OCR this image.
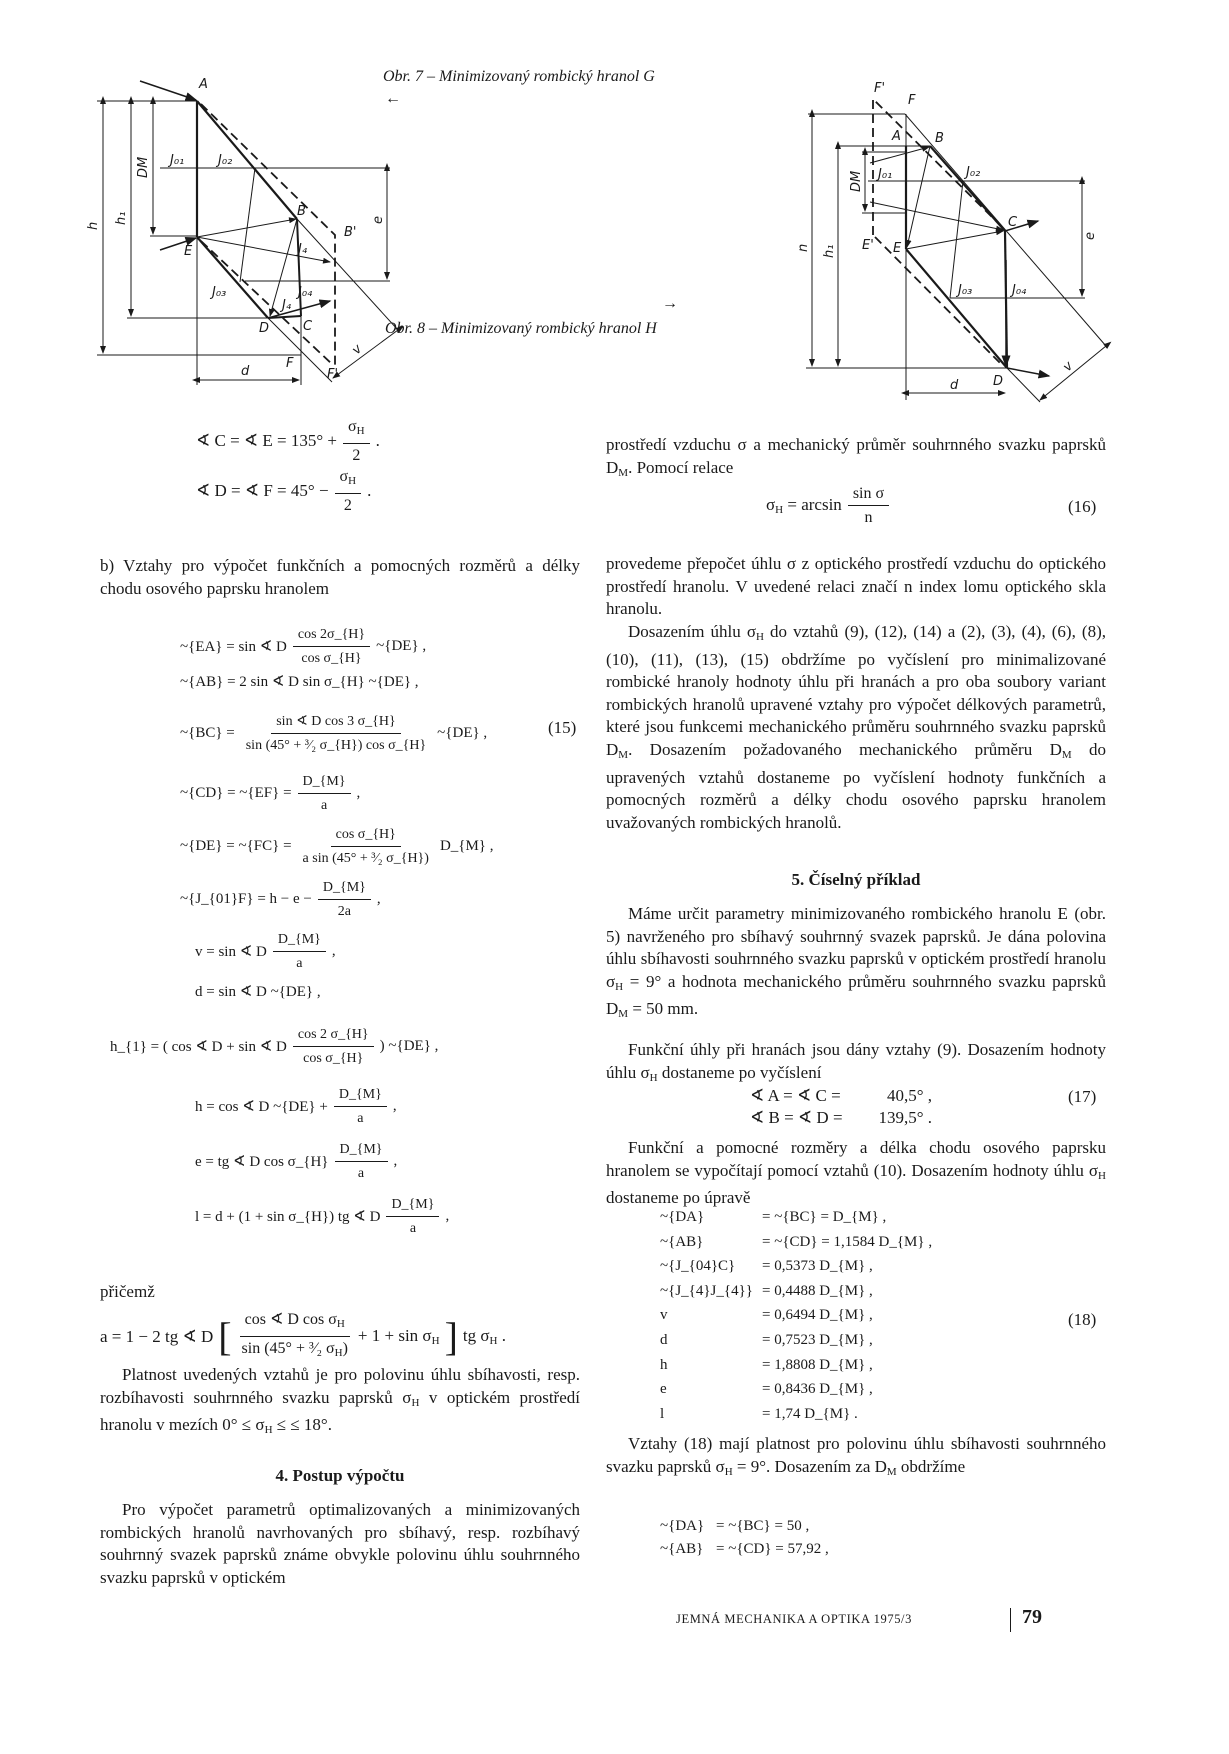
A
B
B'
C
D
E
F
F'
J₀₁	J₀₂
J₀₃	J₀₄
J₄
J₄
DM
h
h₁	e
d
v
A	B
C
D
E
E'
F
F'
J₀₁	J₀₂
J₀₃	J₀₄
DM
n h₁
e
d
v
Obr. 7 – Minimizovaný rombický hranol G
←
→
Obr. 8 – Minimizovaný rombický hranol H
∢ C = ∢ $E = 135^\circ + \frac{\sigma_H}{2}$ .
∢ D = ∢ $F = 45^\circ - \frac{\sigma_H}{2}$ .
b) Vztahy pro výpočet funkčních a pomocných rozměrů a délky chodu osového paprsku hranolem
~{EA} = sin ∢ D $\frac{\cos 2\sigma\_\{H\}}{\text{cos σ\_\{H\}}}$ ~{DE} ,
~{AB} = 2 sin ∢ D sin σ_{H} ~{DE} ,
~{BC} = $\frac{\text{sin ∢ D cos 3 σ\_\{H\}}}{\text{sin (45° + ³⁄₂ σ\_\{H\}) cos σ\_\{H\}}}$ ~{DE} ,
~{CD} = ~{EF} = $\frac{D\_\{M\}}{a}$ ,
~{DE} = ~{FC} = $\frac{\text{cos σ\_\{H\}}}{\text{a sin (45° + ³⁄₂ σ\_\{H\})}}$ D_{M} ,
~{J_{01}F} = $h - e - \frac{D\_\{M\}}{2a}$ ,
v = sin ∢ D $\frac{D\_\{M\}}{a}$ ,
d = sin ∢ D ~{DE} ,
h_{1} = ( cos ∢ D + sin ∢ D $\frac{\cos 2 \sigma\_\{H\}}{\text{cos σ\_\{H\}}}$ ) ~{DE} ,
h = cos ∢ D ~{DE} + $\frac{D\_\{M\}}{a}$ ,
e = tg ∢ D cos σ_{H} $\frac{D\_\{M\}}{a}$ ,
l = d + (1 + sin σ_{H}) tg ∢ D $\frac{D\_\{M\}}{a}$ ,
(15)
přičemž
a = 1 − 2 tg ∢ D [ $\frac{\cos ∢ D \cos \sigma_H}{\sin (45^\circ + ^3⁄_2 \sigma_H)} + 1 + \sin \sigma_H$ ] tg $\sigma_H$ .
Platnost uvedených vztahů je pro polovinu úhlu sbíhavosti, resp. rozbíhavosti souhrnného svazku paprsků $\sigma_H$ v optickém prostředí hranolu v mezích $0^\circ \le \sigma_H$ ≤ ≤ 18°.
4. Postup výpočtu
Pro výpočet parametrů optimalizovaných a minimizovaných rombických hranolů navrhovaných pro sbíhavý, resp. rozbíhavý souhrnný svazek paprsků známe obvykle polovinu úhlu souhrnného svazku paprsků v optickém
prostředí vzduchu σ a mechanický průměr souhrnného svazku paprsků $D_M$. Pomocí relace
$\sigma_H = \arcsin \frac{\text{sin σ}}{n}$	(16)
provedeme přepočet úhlu σ z optického prostředí vzduchu do optického prostředí hranolu. V uvedené relaci značí n index lomu optického skla hranolu.
Dosazením úhlu $\sigma_H$ do vztahů (9), (12), (14) a (2), (3), (4), (6), (8), (10), (11), (13), (15) obdržíme po vyčíslení pro minimalizované rombické hranoly hodnoty úhlu při hranách a pro oba soubory variant rombických hranolů upravené vztahy pro výpočet délkových parametrů, které jsou funkcemi mechanického průměru souhrnného svazku paprsků $D_M$. Dosazením požadovaného mechanického průměru $D_M$ do upravených vztahů dostaneme po vyčíslení hodnoty funkčních a pomocných rozměrů a délky chodu osového paprsku hranolem uvažovaných rombických hranolů.
5. Číselný příklad
Máme určit parametry minimizovaného rombického hranolu E (obr. 5) navrženého pro sbíhavý souhrnný svazek paprsků. Je dána polovina úhlu sbíhavosti souhrnného svazku paprsků v optickém prostředí hranolu $\sigma_H = 9^\circ$ a hodnota mechanického průměru souhrnného svazku paprsků $D_M = 50$ mm.
Funkční úhly při hranách jsou dány vztahy (9). Dosazením hodnoty úhlu $\sigma_H$ dostaneme po vyčíslení
∢ A = ∢ C =	40,5° ,
∢ B = ∢ D =	139,5° .
(17)
Funkční a pomocné rozměry a délka chodu osového paprsku hranolem se vypočítají pomocí vztahů (10). Dosazením hodnoty úhlu $\sigma_H$ dostaneme po úpravě
~{DA}	= ~{BC} = D_{M} ,
~{AB}	= ~{CD} = 1,1584 D_{M} ,
~{J_{04}C}	= 0,5373 D_{M} ,
~{J_{4}J_{4}} = 0,4488 D_{M} ,
v	= 0,6494 D_{M} ,
d	= 0,7523 D_{M} ,
h	= 1,8808 D_{M} ,
e	= 0,8436 D_{M} ,
l	= 1,74 D_{M} .
(18)
Vztahy (18) mají platnost pro polovinu úhlu sbíhavosti souhrnného svazku paprsků $\sigma_H = 9^\circ$. Dosazením za $D_M$ obdržíme
~{DA} = ~{BC} = 50 ,
~{AB} = ~{CD} = 57,92 ,
JEMNÁ MECHANIKA A OPTIKA 1975/3	79
